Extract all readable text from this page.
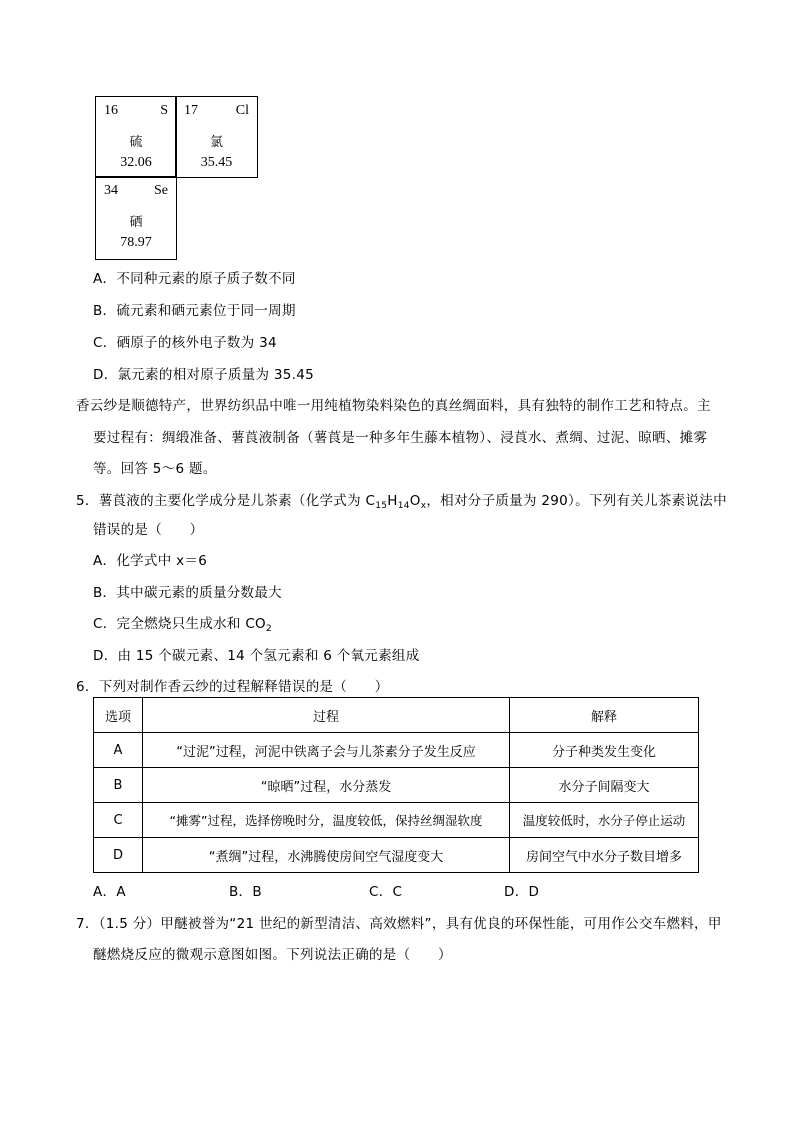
16	S
硫
32.06
17	Cl
氯
35.45
34	Se
硒
78.97
A．不同种元素的原子质子数不同
B．硫元素和硒元素位于同一周期
C．硒原子的核外电子数为 34
D．氯元素的相对原子质量为 35.45
香云纱是顺德特产，世界纺织品中唯一用纯植物染料染色的真丝绸面料，具有独特的制作工艺和特点。主
要过程有：绸缎准备、薯莨液制备（薯莨是一种多年生藤本植物）、浸莨水、煮绸、过泥、晾晒、摊雾
等。回答 5～6 题。
5．薯莨液的主要化学成分是儿茶素（化学式为 $C_{15}H_{14}O_x$，相对分子质量为 290）。下列有关儿茶素说法中
错误的是（　　）
A．化学式中 x＝6
B．其中碳元素的质量分数最大
C．完全燃烧只生成水和 $CO_2$
D．由 15 个碳元素、14 个氢元素和 6 个氧元素组成
6．下列对制作香云纱的过程解释错误的是（　　）
选项	过程	解释
A	“过泥”过程，河泥中铁离子会与儿茶素分子发生反应	分子种类发生变化
B	“晾晒”过程，水分蒸发	水分子间隔变大
C	“摊雾”过程，选择傍晚时分，温度较低，保持丝绸湿软度	温度较低时，水分子停止运动
D	“煮绸”过程，水沸腾使房间空气湿度变大	房间空气中水分子数目增多
A．A	B．B	C．C	D．D
7．（1.5 分）甲醚被誉为“21 世纪的新型清洁、高效燃料”，具有优良的环保性能，可用作公交车燃料，甲
醚燃烧反应的微观示意图如图。下列说法正确的是（　　）
